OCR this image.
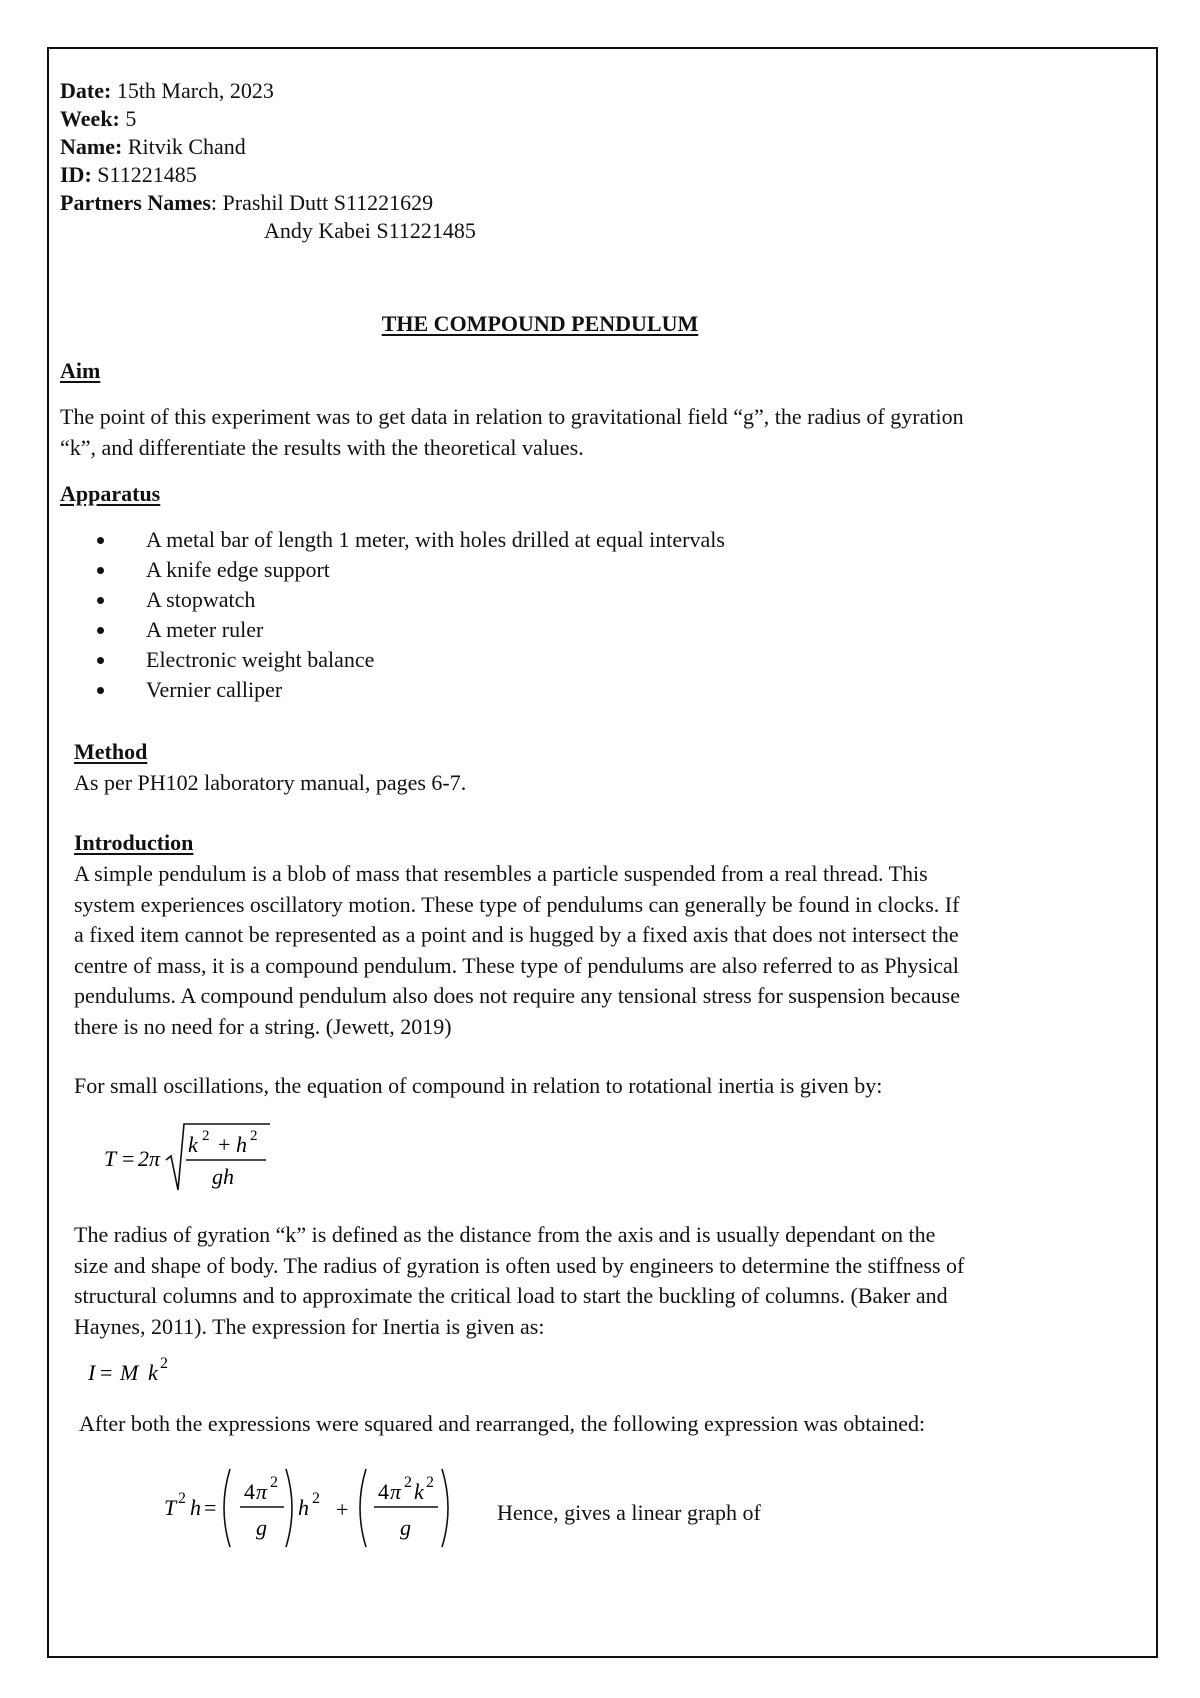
Date: 15th March, 2023
Week: 5
Name: Ritvik Chand
ID: S11221485
Partners Names: Prashil Dutt S11221629
Andy Kabei S11221485
THE COMPOUND PENDULUM
Aim
The point of this experiment was to get data in relation to gravitational field “g”, the radius of gyration
“k”, and differentiate the results with the theoretical values.
Apparatus
A metal bar of length 1 meter, with holes drilled at equal intervals
A knife edge support
A stopwatch
A meter ruler
Electronic weight balance
Vernier calliper
Method
As per PH102 laboratory manual, pages 6-7.
Introduction
A simple pendulum is a blob of mass that resembles a particle suspended from a real thread. This
system experiences oscillatory motion. These type of pendulums can generally be found in clocks. If
a fixed item cannot be represented as a point and is hugged by a fixed axis that does not intersect the
centre of mass, it is a compound pendulum. These type of pendulums are also referred to as Physical
pendulums. A compound pendulum also does not require any tensional stress for suspension because
there is no need for a string. (Jewett, 2019)
For small oscillations, the equation of compound in relation to rotational inertia is given by:
T = 2π
k 2 + h 2
gh
The radius of gyration “k” is defined as the distance from the axis and is usually dependant on the
size and shape of body. The radius of gyration is often used by engineers to determine the stiffness of
structural columns and to approximate the critical load to start the buckling of columns. (Baker and
Haynes, 2011). The expression for Inertia is given as:
I = M k 2
After both the expressions were squared and rearranged, the following expression was obtained:
T 2 h =
4 π 2
g
h 2 +
4 π 2 k 2
g
Hence, gives a linear graph of
